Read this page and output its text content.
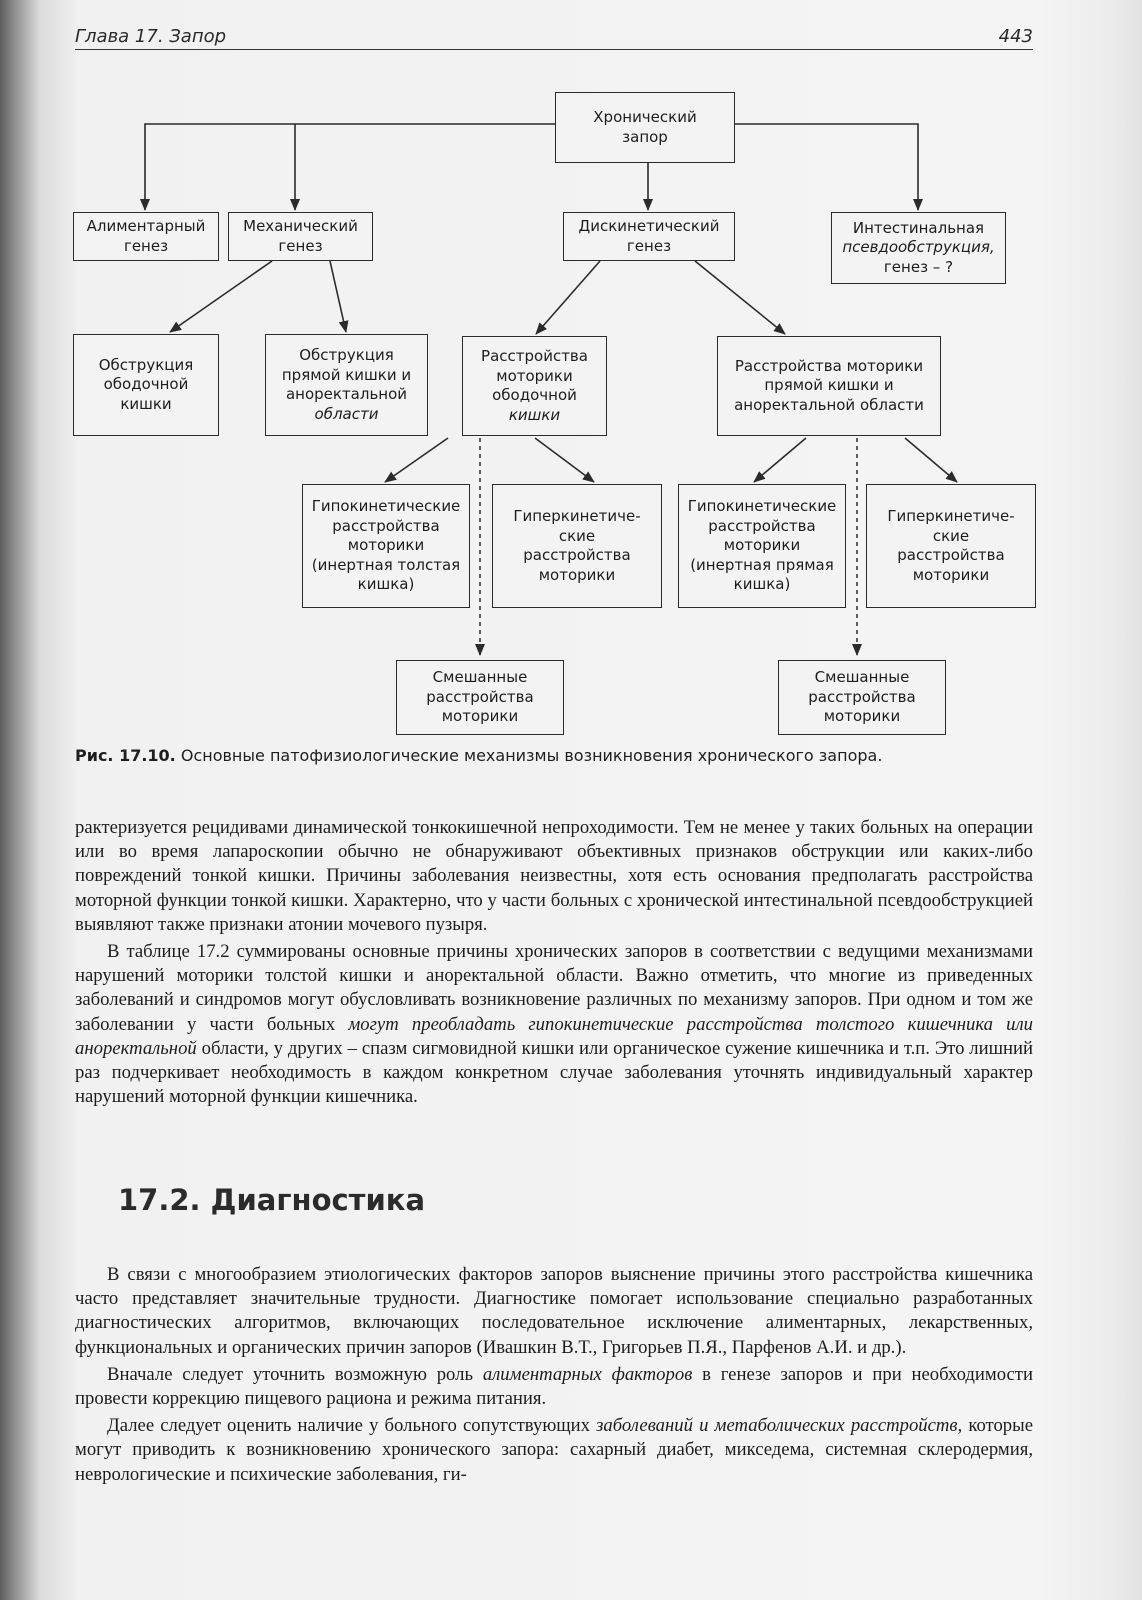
Глава 17. Запор	443
Хронический
запор
Алиментарный
генез
Механический
генез
Дискинетический
генез
Интестинальная
псевдообструкция,
генез – ?
Обструкция
ободочной
кишки
Обструкция
прямой кишки и
аноректальной
области
Расстройства
моторики
ободочной
кишки
Расстройства моторики
прямой кишки и
аноректальной области
Гипокинетические
расстройства
моторики
(инертная толстая
кишка)
Гиперкинетиче-
ские
расстройства
моторики
Гипокинетические
расстройства
моторики
(инертная прямая
кишка)
Гиперкинетиче-
ские
расстройства
моторики
Смешанные
расстройства
моторики
Смешанные
расстройства
моторики
Рис. 17.10. Основные патофизиологические механизмы возникновения хронического запора.

рактеризуется рецидивами динамической тонкокишечной непроходимости. Тем не менее у таких больных на операции или во время лапароскопии обычно не обнаруживают объективных признаков обструкции или каких-либо повреждений тонкой кишки. Причины заболевания неизвестны, хотя есть основания предполагать расстройства моторной функции тонкой кишки. Характерно, что у части больных с хронической интестинальной псевдообструкцией выявляют также признаки атонии мочевого пузыря.

В таблице 17.2 суммированы основные причины хронических запоров в соответствии с ведущими механизмами нарушений моторики толстой кишки и аноректальной области. Важно отметить, что многие из приведенных заболеваний и синдромов могут обусловливать возникновение различных по механизму запоров. При одном и том же заболевании у части больных могут преобладать гипокинетические расстройства толстого кишечника или аноректальной области, у других – спазм сигмовидной кишки или органическое сужение кишечника и т.п. Это лишний раз подчеркивает необходимость в каждом конкретном случае заболевания уточнять индивидуальный характер нарушений моторной функции кишечника.

17.2. Диагностика

В связи с многообразием этиологических факторов запоров выяснение причины этого расстройства кишечника часто представляет значительные трудности. Диагностике помогает использование специально разработанных диагностических алгоритмов, включающих последовательное исключение алиментарных, лекарственных, функциональных и органических причин запоров (Ивашкин В.Т., Григорьев П.Я., Парфенов А.И. и др.).

Вначале следует уточнить возможную роль алиментарных факторов в генезе запоров и при необходимости провести коррекцию пищевого рациона и режима питания.

Далее следует оценить наличие у больного сопутствующих заболеваний и метаболических расстройств, которые могут приводить к возникновению хронического запора: сахарный диабет, микседема, системная склеродермия, неврологические и психические заболевания, ги-
